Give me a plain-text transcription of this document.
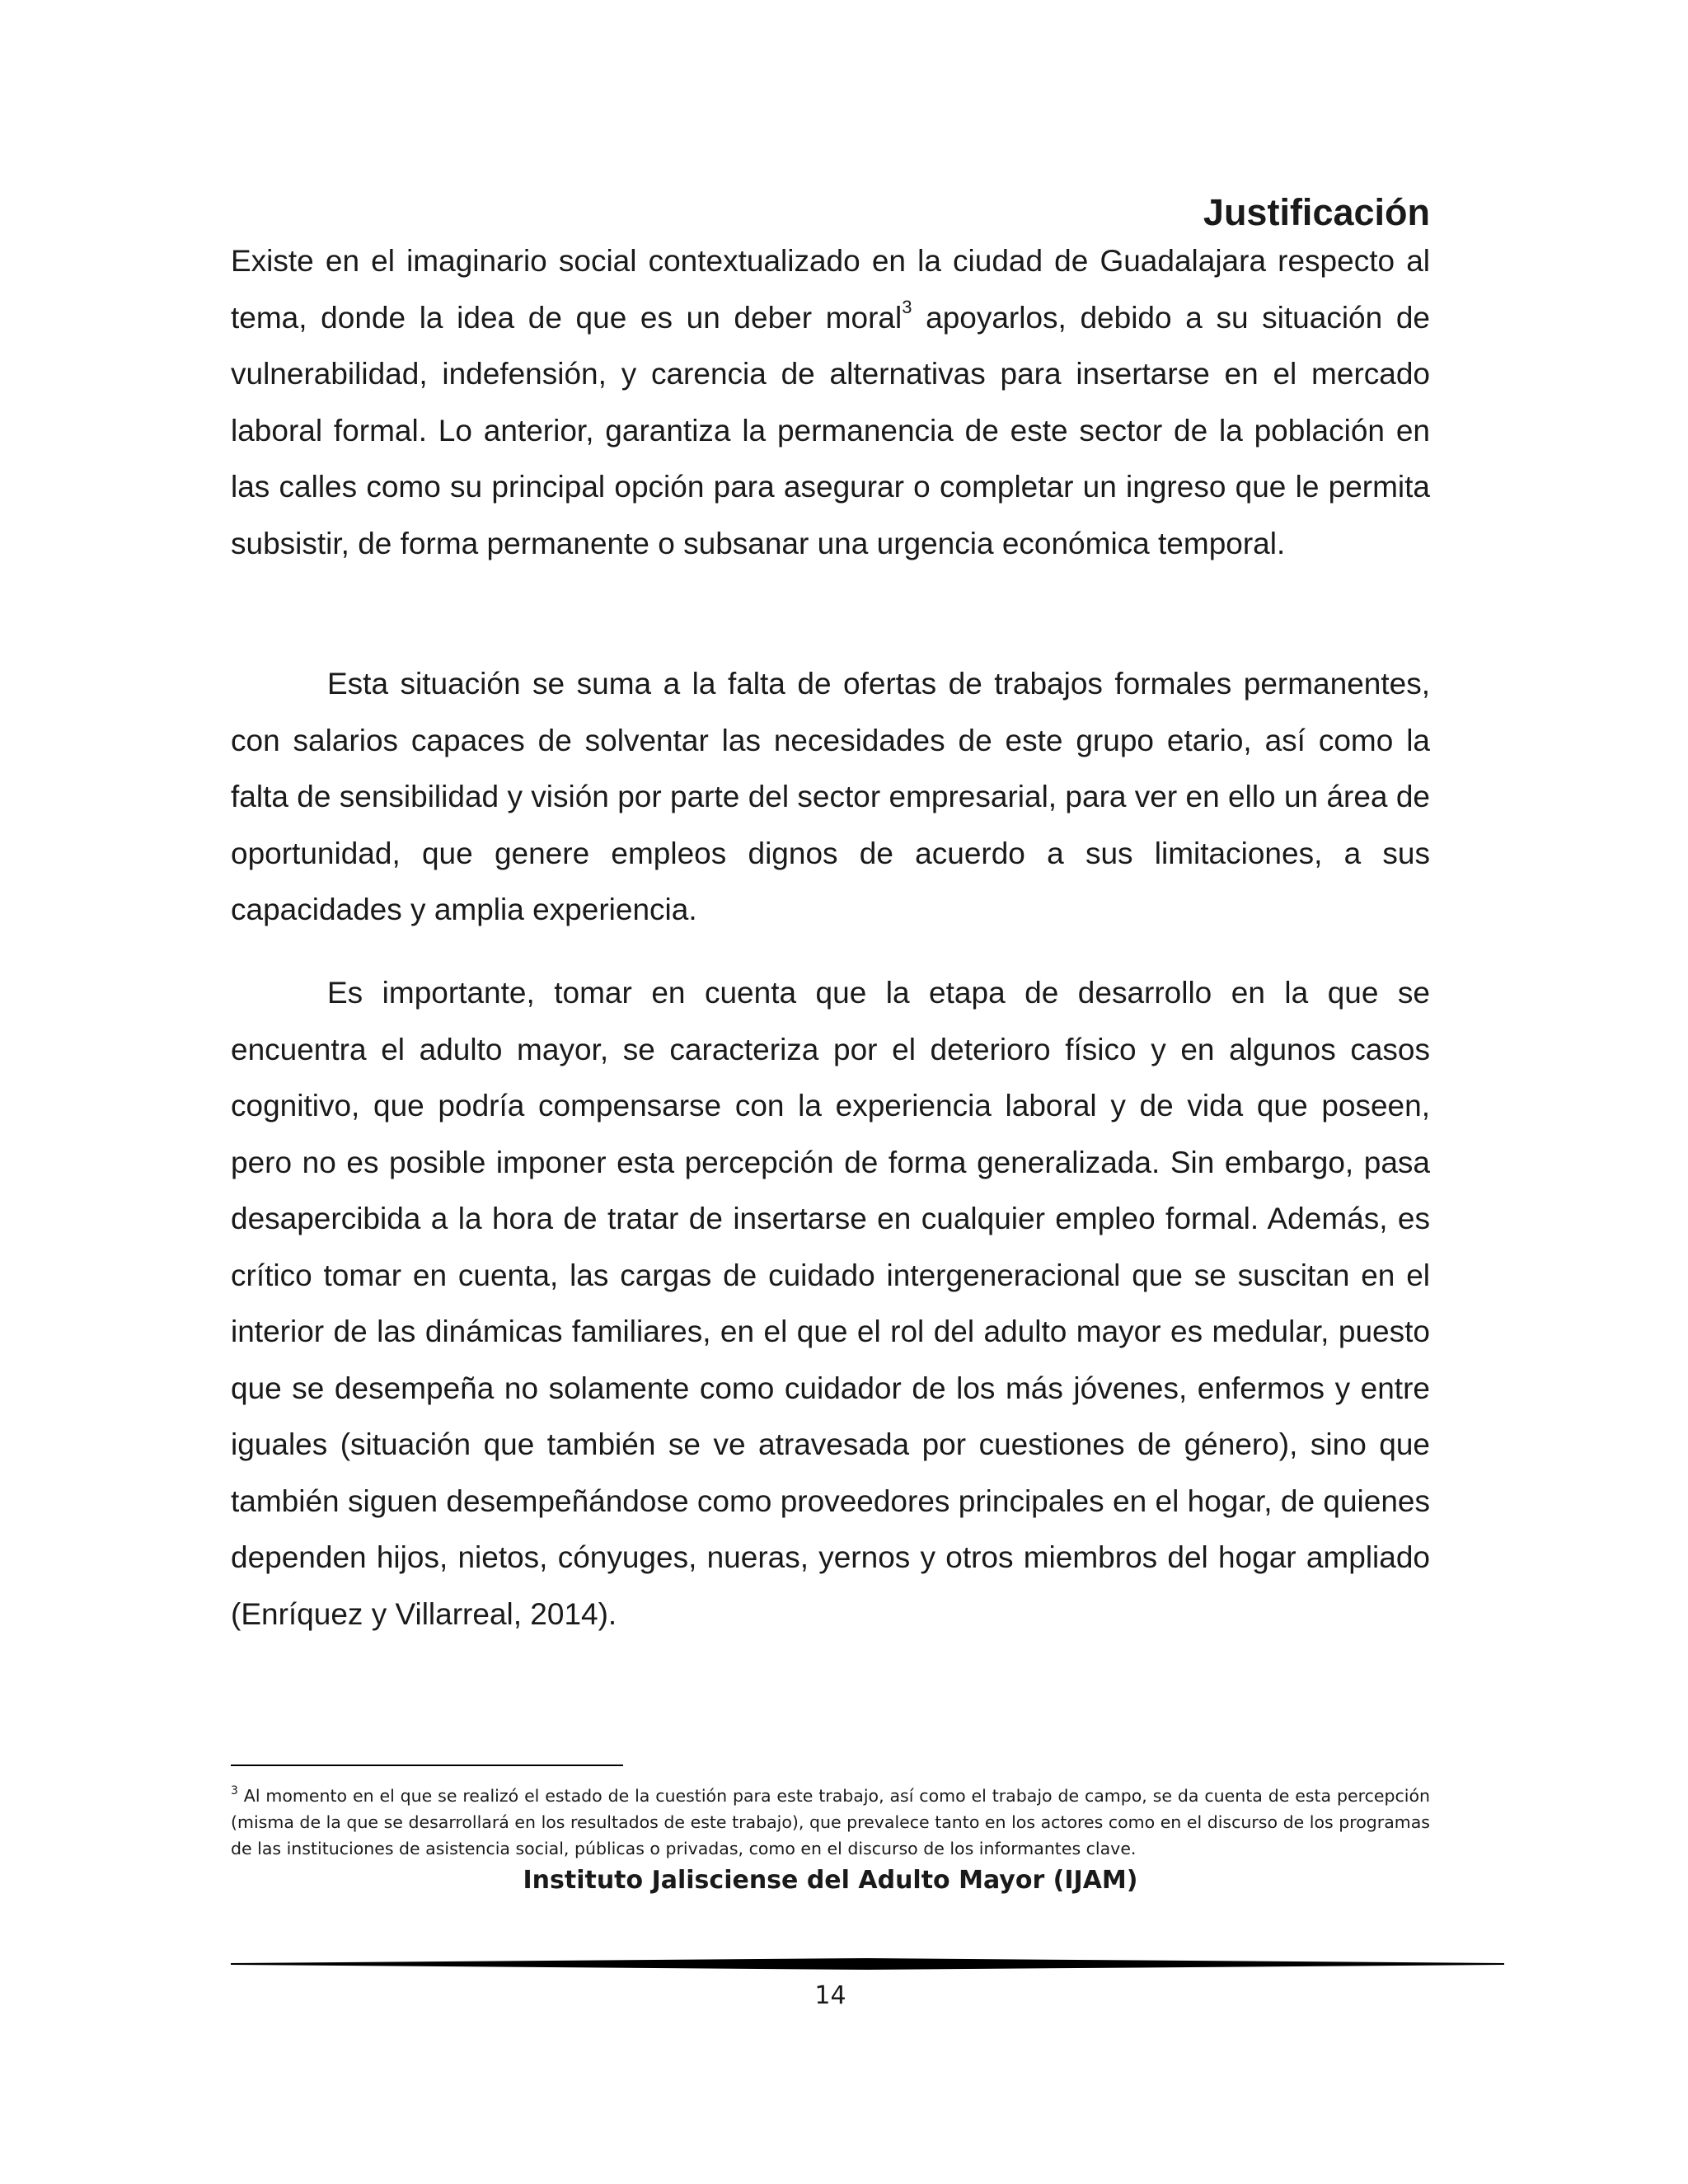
Justificación

Existe en el imaginario social contextualizado en la ciudad de Guadalajara respecto al tema, donde la idea de que es un deber moral$^3$ apoyarlos, debido a su situación de vulnerabilidad, indefensión, y carencia de alternativas para insertarse en el mercado laboral formal. Lo anterior, garantiza la permanencia de este sector de la población en las calles como su principal opción para asegurar o completar un ingreso que le permita subsistir, de forma permanente o subsanar una urgencia económica temporal.

Esta situación se suma a la falta de ofertas de trabajos formales permanentes, con salarios capaces de solventar las necesidades de este grupo etario, así como la falta de sensibilidad y visión por parte del sector empresarial, para ver en ello un área de oportunidad, que genere empleos dignos de acuerdo a sus limitaciones, a sus capacidades y amplia experiencia.

Es importante, tomar en cuenta que la etapa de desarrollo en la que se encuentra el adulto mayor, se caracteriza por el deterioro físico y en algunos casos cognitivo, que podría compensarse con la experiencia laboral y de vida que poseen, pero no es posible imponer esta percepción de forma generalizada. Sin embargo, pasa desapercibida a la hora de tratar de insertarse en cualquier empleo formal. Además, es crítico tomar en cuenta, las cargas de cuidado intergeneracional que se suscitan en el interior de las dinámicas familiares, en el que el rol del adulto mayor es medular, puesto que se desempeña no solamente como cuidador de los más jóvenes, enfermos y entre iguales (situación que también se ve atravesada por cuestiones de género), sino que también siguen desempeñándose como proveedores principales en el hogar, de quienes dependen hijos, nietos, cónyuges, nueras, yernos y otros miembros del hogar ampliado (Enríquez y Villarreal, 2014).

$^3$ Al momento en el que se realizó el estado de la cuestión para este trabajo, así como el trabajo de campo, se da cuenta de esta percepción (misma de la que se desarrollará en los resultados de este trabajo), que prevalece tanto en los actores como en el discurso de los programas de las instituciones de asistencia social, públicas o privadas, como en el discurso de los informantes clave.

Instituto Jalisciense del Adulto Mayor (IJAM)

14
